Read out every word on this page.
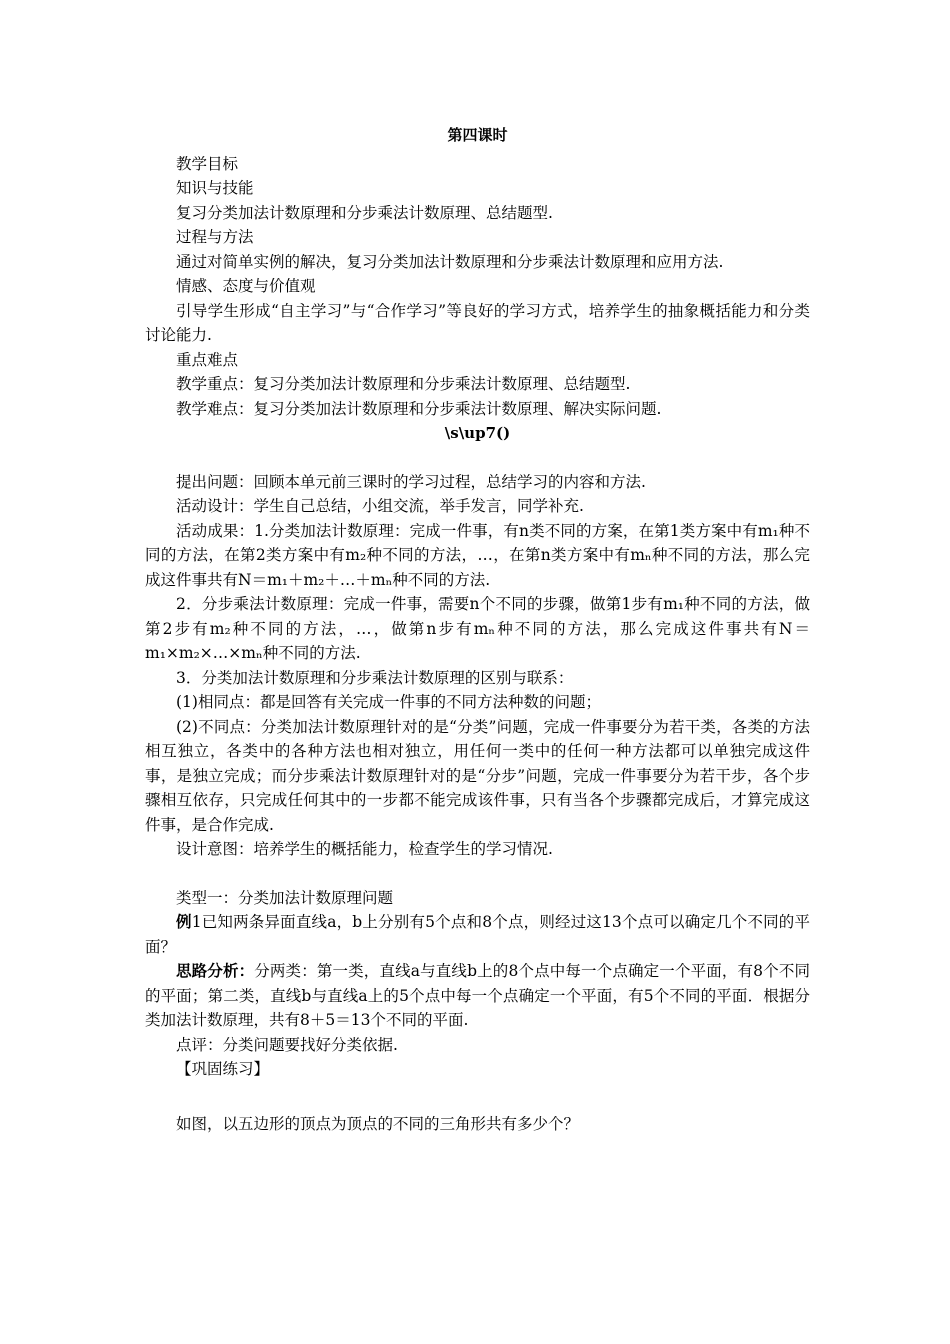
第四课时

教学目标

知识与技能

复习分类加法计数原理和分步乘法计数原理、总结题型.

过程与方法

通过对简单实例的解决，复习分类加法计数原理和分步乘法计数原理和应用方法.

情感、态度与价值观

引导学生形成“自主学习”与“合作学习”等良好的学习方式，培养学生的抽象概括能力和分类讨论能力.

重点难点

教学重点：复习分类加法计数原理和分步乘法计数原理、总结题型.

教学难点：复习分类加法计数原理和分步乘法计数原理、解决实际问题.

\s\up7()

提出问题：回顾本单元前三课时的学习过程，总结学习的内容和方法.

活动设计：学生自己总结，小组交流，举手发言，同学补充.

活动成果：1.分类加法计数原理：完成一件事，有n类不同的方案，在第1类方案中有m₁种不同的方法，在第2类方案中有m₂种不同的方法，…，在第n类方案中有mₙ种不同的方法，那么完成这件事共有N＝m₁＋m₂＋…＋mₙ种不同的方法.

2．分步乘法计数原理：完成一件事，需要n个不同的步骤，做第1步有m₁种不同的方法，做第2步有m₂种不同的方法，…，做第n步有mₙ种不同的方法，那么完成这件事共有N＝m₁×m₂×…×mₙ种不同的方法.

3．分类加法计数原理和分步乘法计数原理的区别与联系：

(1)相同点：都是回答有关完成一件事的不同方法种数的问题；

(2)不同点：分类加法计数原理针对的是“分类”问题，完成一件事要分为若干类，各类的方法相互独立，各类中的各种方法也相对独立，用任何一类中的任何一种方法都可以单独完成这件事，是独立完成；而分步乘法计数原理针对的是“分步”问题，完成一件事要分为若干步，各个步骤相互依存，只完成任何其中的一步都不能完成该件事，只有当各个步骤都完成后，才算完成这件事，是合作完成.

设计意图：培养学生的概括能力，检查学生的学习情况.

类型一：分类加法计数原理问题

例1已知两条异面直线a，b上分别有5个点和8个点，则经过这13个点可以确定几个不同的平面？

思路分析：分两类：第一类，直线a与直线b上的8个点中每一个点确定一个平面，有8个不同的平面；第二类，直线b与直线a上的5个点中每一个点确定一个平面，有5个不同的平面．根据分类加法计数原理，共有8＋5＝13个不同的平面.

点评：分类问题要找好分类依据.

【巩固练习】

如图，以五边形的顶点为顶点的不同的三角形共有多少个？
